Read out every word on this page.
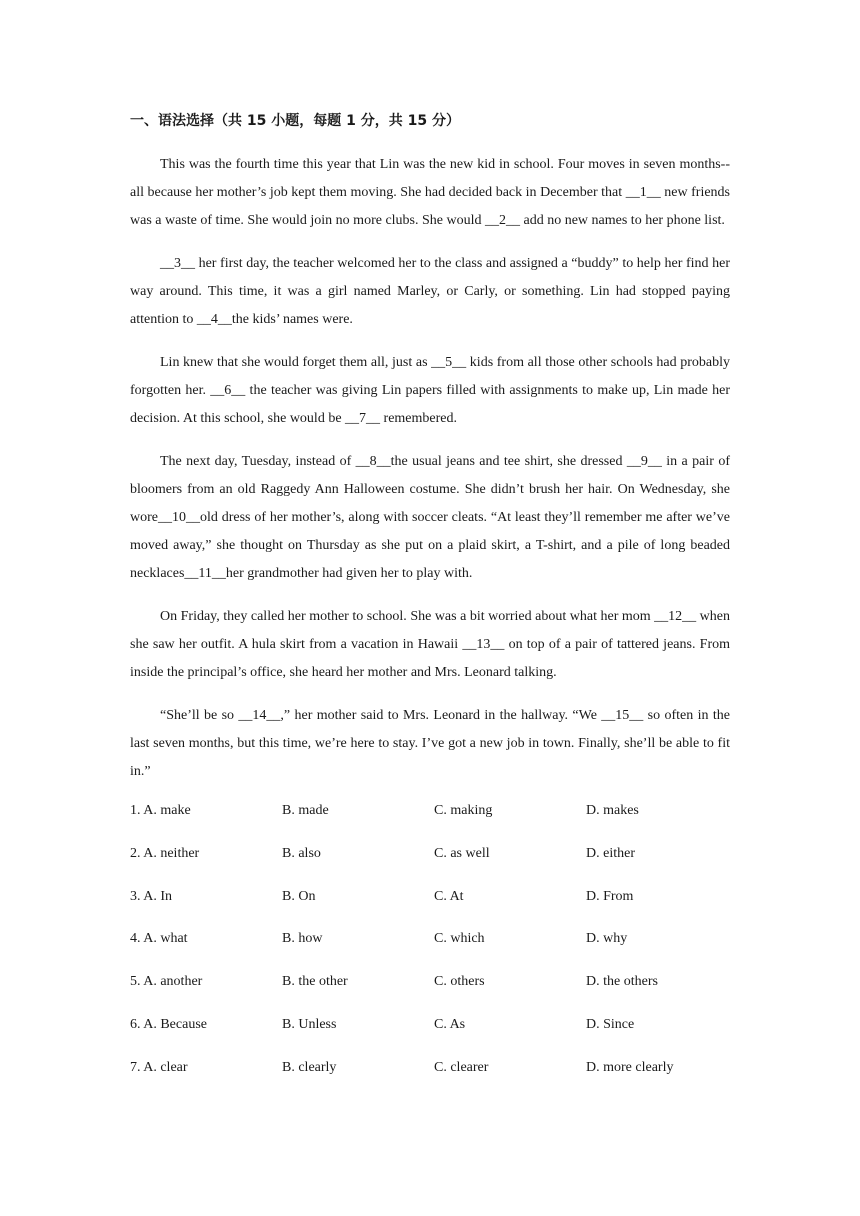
一、语法选择（共 15 小题，每题 1 分，共 15 分）

This was the fourth time this year that Lin was the new kid in school. Four moves in seven months--all because her mother’s job kept them moving. She had decided back in December that __1__ new friends was a waste of time. She would join no more clubs. She would __2__ add no new names to her phone list.

__3__ her first day, the teacher welcomed her to the class and assigned a “buddy” to help her find her way around. This time, it was a girl named Marley, or Carly, or something. Lin had stopped paying attention to __4__the kids’ names were.

Lin knew that she would forget them all, just as __5__ kids from all those other schools had probably forgotten her. __6__ the teacher was giving Lin papers filled with assignments to make up, Lin made her decision. At this school, she would be __7__ remembered.

The next day, Tuesday, instead of __8__the usual jeans and tee shirt, she dressed __9__ in a pair of bloomers from an old Raggedy Ann Halloween costume. She didn’t brush her hair. On Wednesday, she wore__10__old dress of her mother’s, along with soccer cleats. “At least they’ll remember me after we’ve moved away,” she thought on Thursday as she put on a plaid skirt, a T-shirt, and a pile of long beaded necklaces__11__her grandmother had given her to play with.

On Friday, they called her mother to school. She was a bit worried about what her mom __12__ when she saw her outfit. A hula skirt from a vacation in Hawaii __13__ on top of a pair of tattered jeans. From inside the principal’s office, she heard her mother and Mrs. Leonard talking.

“She’ll be so __14__,” her mother said to Mrs. Leonard in the hallway. “We __15__ so often in the last seven months, but this time, we’re here to stay. I’ve got a new job in town. Finally, she’ll be able to fit in.”

1. A. make	B. made	C. making	D. makes
2. A. neither	B. also	C. as well	D. either
3. A. In	B. On	C. At	D. From
4. A. what	B. how	C. which	D. why
5. A. another	B. the other	C. others	D. the others
6. A. Because	B. Unless	C. As	D. Since
7. A. clear	B. clearly	C. clearer	D. more clearly
